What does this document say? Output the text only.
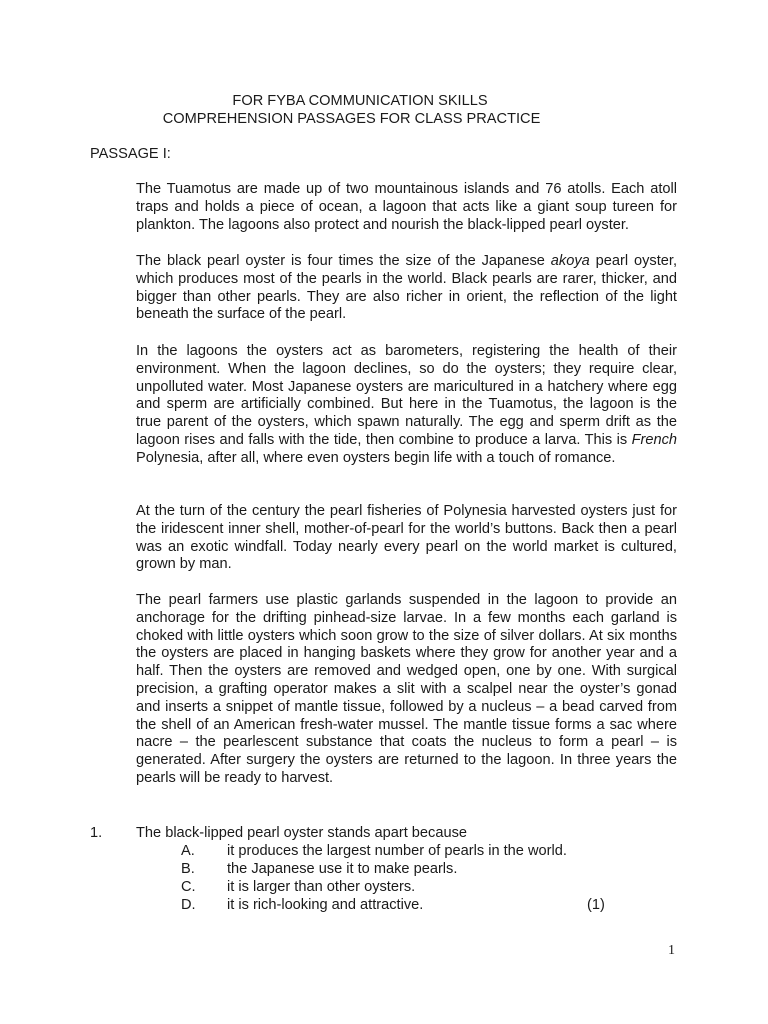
FOR FYBA COMMUNICATION SKILLS
COMPREHENSION PASSAGES FOR CLASS PRACTICE
PASSAGE I:
The Tuamotus are made up of two mountainous islands and 76 atolls. Each atoll traps and holds a piece of ocean, a lagoon that acts like a giant soup tureen for plankton. The lagoons also protect and nourish the black-lipped pearl oyster.
The black pearl oyster is four times the size of the Japanese akoya pearl oyster, which produces most of the pearls in the world. Black pearls are rarer, thicker, and bigger than other pearls. They are also richer in orient, the reflection of the light beneath the surface of the pearl.
In the lagoons the oysters act as barometers, registering the health of their environment. When the lagoon declines, so do the oysters; they require clear, unpolluted water. Most Japanese oysters are maricultured in a hatchery where egg and sperm are artificially combined. But here in the Tuamotus, the lagoon is the true parent of the oysters, which spawn naturally. The egg and sperm drift as the lagoon rises and falls with the tide, then combine to produce a larva. This is French Polynesia, after all, where even oysters begin life with a touch of romance.
At the turn of the century the pearl fisheries of Polynesia harvested oysters just for the iridescent inner shell, mother-of-pearl for the world’s buttons. Back then a pearl was an exotic windfall. Today nearly every pearl on the world market is cultured, grown by man.
The pearl farmers use plastic garlands suspended in the lagoon to provide an anchorage for the drifting pinhead-size larvae. In a few months each garland is choked with little oysters which soon grow to the size of silver dollars. At six months the oysters are placed in hanging baskets where they grow for another year and a half. Then the oysters are removed and wedged open, one by one. With surgical precision, a grafting operator makes a slit with a scalpel near the oyster’s gonad and inserts a snippet of mantle tissue, followed by a nucleus – a bead carved from the shell of an American fresh-water mussel. The mantle tissue forms a sac where nacre – the pearlescent substance that coats the nucleus to form a pearl – is generated. After surgery the oysters are returned to the lagoon. In three years the pearls will be ready to harvest.
1. The black-lipped pearl oyster stands apart because
A. it produces the largest number of pearls in the world.
B. the Japanese use it to make pearls.
C. it is larger than other oysters.
D. it is rich-looking and attractive.	(1)
1
